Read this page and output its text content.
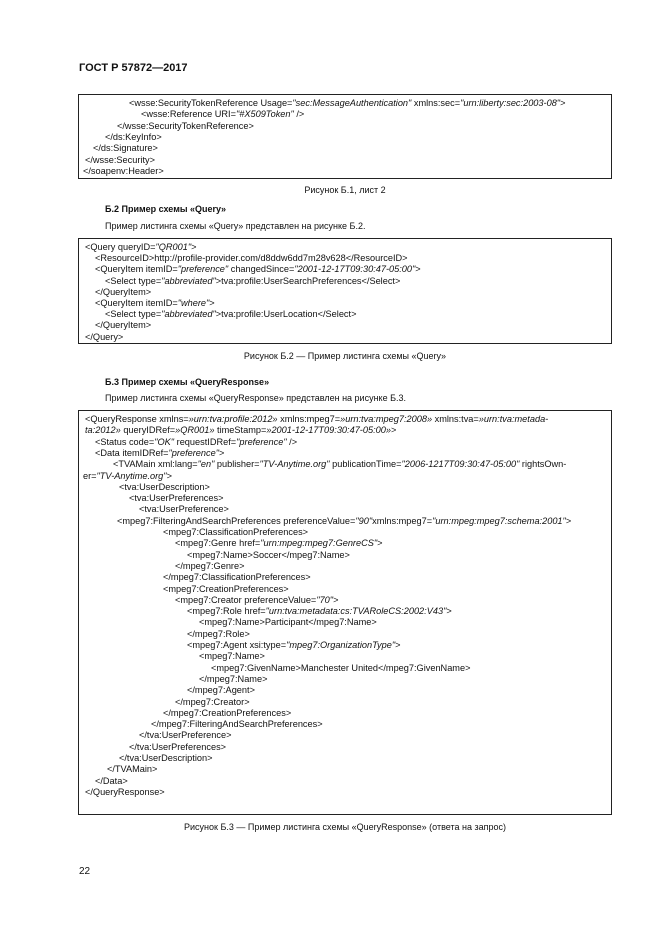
ГОСТ Р 57872—2017
<wsse:SecurityTokenReference Usage="sec:MessageAuthentication" xmlns:sec="urn:liberty:sec:2003-08">
<wsse:Reference URI="#X509Token" />
</wsse:SecurityTokenReference>
</ds:KeyInfo>
</ds:Signature>
</wsse:Security>
</soapenv:Header>
Рисунок Б.1, лист 2
Б.2 Пример схемы «Query»
Пример листинга схемы «Query» представлен на рисунке Б.2.
<Query queryID="QR001">
<ResourceID>http://profile-provider.com/d8ddw6dd7m28v628</ResourceID>
<QueryItem itemID="preference" changedSince="2001-12-17T09:30:47-05:00">
<Select type="abbreviated">tva:profile:UserSearchPreferences</Select>
</QueryItem>
<QueryItem itemID="where">
<Select type="abbreviated">tva:profile:UserLocation</Select>
</QueryItem>
</Query>
Рисунок Б.2 — Пример листинга схемы «Query»
Б.3 Пример схемы «QueryResponse»
Пример листинга схемы «QueryResponse» представлен на рисунке Б.3.
<QueryResponse xmlns=»urn:tva:profile:2012» xmlns:mpeg7=»urn:tva:mpeg7:2008» xmlns:tva=»urn:tva:metada-
ta:2012» queryIDRef=»QR001» timeStamp=»2001-12-17T09:30:47-05:00»>
<Status code="OK" requestIDRef="preference" />
<Data itemIDRef="preference">
<TVAMain xml:lang="en" publisher="TV-Anytime.org" publicationTime="2006-1217T09:30:47-05:00" rightsOwn-
er="TV-Anytime.org">
<tva:UserDescription>
<tva:UserPreferences>
<tva:UserPreference>
<mpeg7:FilteringAndSearchPreferences preferenceValue="90"xmlns:mpeg7="urn:mpeg:mpeg7:schema:2001">
<mpeg7:ClassificationPreferences>
<mpeg7:Genre href="urn:mpeg:mpeg7:GenreCS">
<mpeg7:Name>Soccer</mpeg7:Name>
</mpeg7:Genre>
</mpeg7:ClassificationPreferences>
<mpeg7:CreationPreferences>
<mpeg7:Creator preferenceValue="70">
<mpeg7:Role href="urn:tva:metadata:cs:TVARoleCS:2002:V43">
<mpeg7:Name>Participant</mpeg7:Name>
</mpeg7:Role>
<mpeg7:Agent xsi:type="mpeg7:OrganizationType">
<mpeg7:Name>
<mpeg7:GivenName>Manchester United</mpeg7:GivenName>
</mpeg7:Name>
</mpeg7:Agent>
</mpeg7:Creator>
</mpeg7:CreationPreferences>
</mpeg7:FilteringAndSearchPreferences>
</tva:UserPreference>
</tva:UserPreferences>
</tva:UserDescription>
</TVAMain>
</Data>
</QueryResponse>
Рисунок Б.3 — Пример листинга схемы «QueryResponse» (ответа на запрос)
22
